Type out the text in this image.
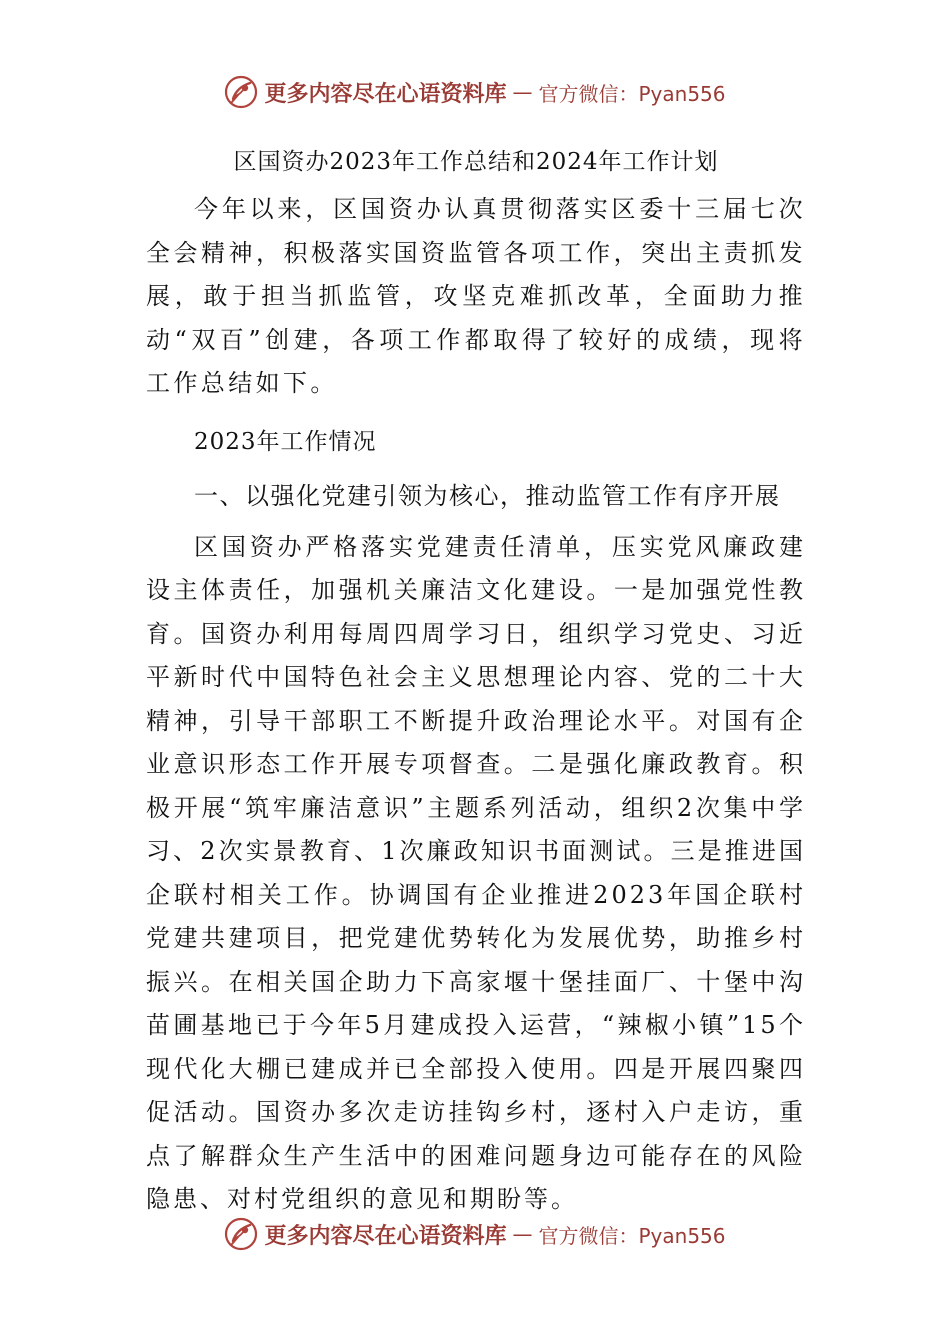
更多内容尽在心语资料库 — 官方微信：Pyan556

区国资办2023年工作总结和2024年工作计划

今年以来，区国资办认真贯彻落实区委十三届七次全会精神，积极落实国资监管各项工作，突出主责抓发展，敢于担当抓监管，攻坚克难抓改革，全面助力推动“双百”创建，各项工作都取得了较好的成绩，现将工作总结如下。

2023年工作情况

一、以强化党建引领为核心，推动监管工作有序开展

区国资办严格落实党建责任清单，压实党风廉政建设主体责任，加强机关廉洁文化建设。一是加强党性教育。国资办利用每周四周学习日，组织学习党史、习近平新时代中国特色社会主义思想理论内容、党的二十大精神，引导干部职工不断提升政治理论水平。对国有企业意识形态工作开展专项督查。二是强化廉政教育。积极开展“筑牢廉洁意识”主题系列活动，组织2次集中学习、2次实景教育、1次廉政知识书面测试。三是推进国企联村相关工作。协调国有企业推进2023年国企联村党建共建项目，把党建优势转化为发展优势，助推乡村振兴。在相关国企助力下高家堰十堡挂面厂、十堡中沟苗圃基地已于今年5月建成投入运营，“辣椒小镇”15个现代化大棚已建成并已全部投入使用。四是开展四聚四促活动。国资办多次走访挂钩乡村，逐村入户走访，重点了解群众生产生活中的困难问题身边可能存在的风险隐患、对村党组织的意见和期盼等。

更多内容尽在心语资料库 — 官方微信：Pyan556
